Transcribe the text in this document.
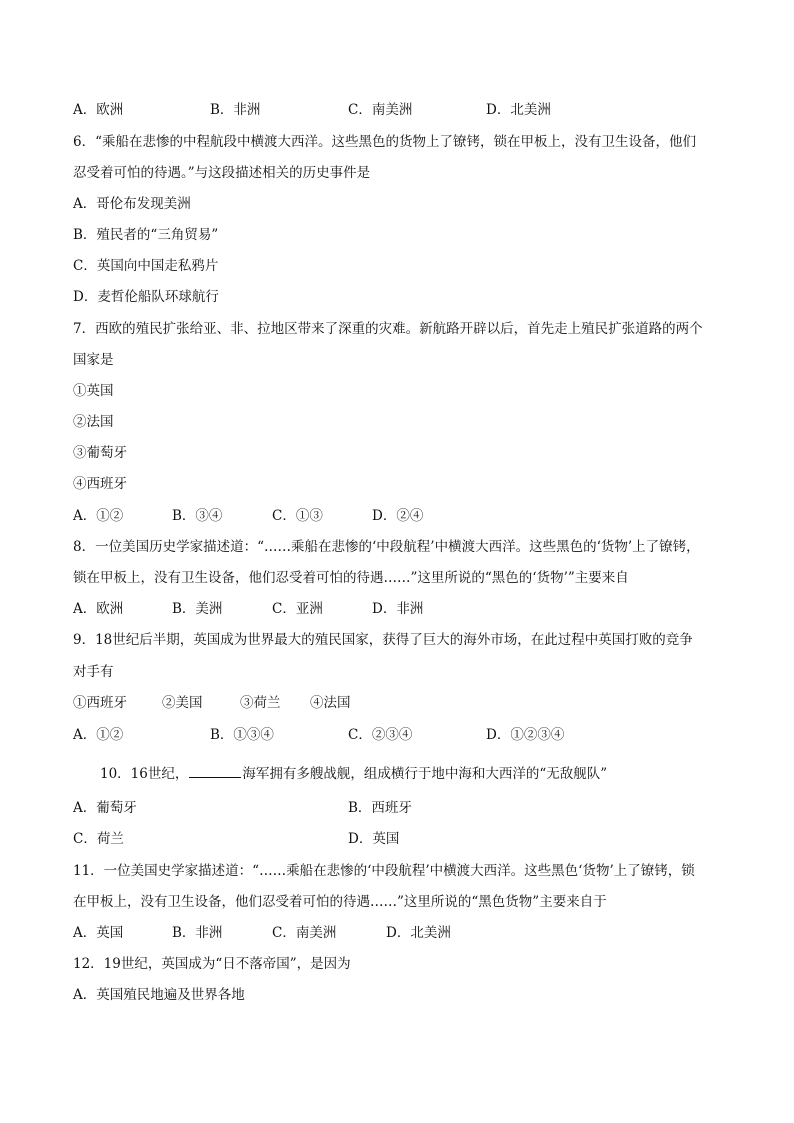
A．欧洲	B．非洲	C．南美洲	D．北美洲
6．“乘船在悲惨的中程航段中横渡大西洋。这些黑色的货物上了镣铐，锁在甲板上，没有卫生设备，他们
忍受着可怕的待遇。”与这段描述相关的历史事件是
A．哥伦布发现美洲
B．殖民者的“三角贸易”
C．英国向中国走私鸦片
D．麦哲伦船队环球航行
7．西欧的殖民扩张给亚、非、拉地区带来了深重的灾难。新航路开辟以后，首先走上殖民扩张道路的两个
国家是
①英国
②法国
③葡萄牙
④西班牙
A．①②	B．③④	C．①③	D．②④
8．一位美国历史学家描述道：“……乘船在悲惨的‘中段航程’中横渡大西洋。这些黑色的‘货物’上了镣铐，
锁在甲板上，没有卫生设备，他们忍受着可怕的待遇……”这里所说的“黑色的‘货物’”主要来自
A．欧洲	B．美洲	C．亚洲	D．非洲
9．18世纪后半期，英国成为世界最大的殖民国家，获得了巨大的海外市场，在此过程中英国打败的竞争
对手有
①西班牙	②美国	③荷兰 ④法国
A．①②	B．①③④	C．②③④	D．①②③④
10．16世纪，	海军拥有多艘战舰，组成横行于地中海和大西洋的“无敌舰队”
A．葡萄牙	B．西班牙
C．荷兰	D．英国
11．一位美国史学家描述道：“……乘船在悲惨的‘中段航程’中横渡大西洋。这些黑色‘货物’上了镣铐，锁
在甲板上，没有卫生设备，他们忍受着可怕的待遇……”这里所说的“黑色货物”主要来自于
A．英国	B．非洲	C．南美洲	D．北美洲
12．19世纪，英国成为“日不落帝国”，是因为
A．英国殖民地遍及世界各地
